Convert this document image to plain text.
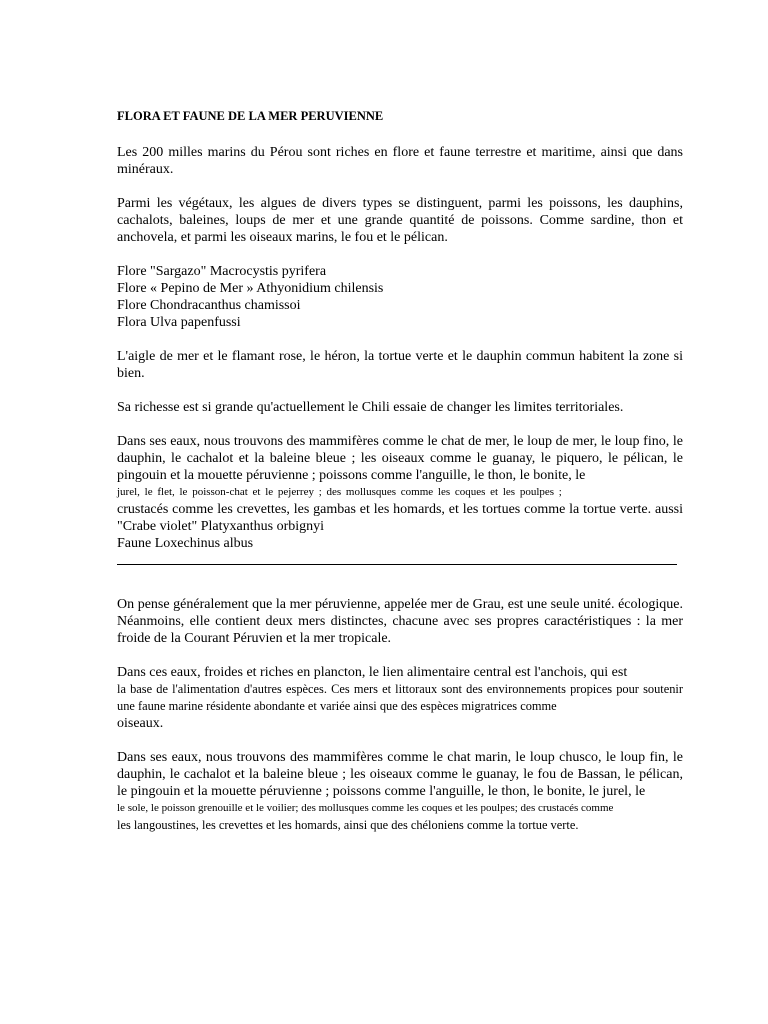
FLORA ET FAUNE DE LA MER PERUVIENNE

Les 200 milles marins du Pérou sont riches en flore et faune terrestre et maritime, ainsi que dans minéraux.

Parmi les végétaux, les algues de divers types se distinguent, parmi les poissons, les dauphins, cachalots, baleines, loups de mer et une grande quantité de poissons. Comme sardine, thon et anchovela, et parmi les oiseaux marins, le fou et le pélican.

Flore "Sargazo" Macrocystis pyrifera
Flore « Pepino de Mer » Athyonidium chilensis
Flore Chondracanthus chamissoi
Flora Ulva papenfussi

L'aigle de mer et le flamant rose, le héron, la tortue verte et le dauphin commun habitent la zone si bien.

Sa richesse est si grande qu'actuellement le Chili essaie de changer les limites territoriales.

Dans ses eaux, nous trouvons des mammifères comme le chat de mer, le loup de mer, le loup fino, le dauphin, le cachalot et la baleine bleue ; les oiseaux comme le guanay, le piquero, le pélican, le pingouin et la mouette péruvienne ; poissons comme l'anguille, le thon, le bonite, le

jurel, le flet, le poisson-chat et le pejerrey ; des mollusques comme les coques et les poulpes ;

crustacés comme les crevettes, les gambas et les homards, et les tortues comme la tortue verte. aussi "Crabe violet" Platyxanthus orbignyi

Faune Loxechinus albus

On pense généralement que la mer péruvienne, appelée mer de Grau, est une seule unité. écologique. Néanmoins, elle contient deux mers distinctes, chacune avec ses propres caractéristiques : la mer froide de la Courant Péruvien et la mer tropicale.

Dans ces eaux, froides et riches en plancton, le lien alimentaire central est l'anchois, qui est

la base de l'alimentation d'autres espèces. Ces mers et littoraux sont des environnements propices pour soutenir une faune marine résidente abondante et variée ainsi que des espèces migratrices comme

oiseaux.

Dans ses eaux, nous trouvons des mammifères comme le chat marin, le loup chusco, le loup fin, le dauphin, le cachalot et la baleine bleue ; les oiseaux comme le guanay, le fou de Bassan, le pélican, le pingouin et la mouette péruvienne ; poissons comme l'anguille, le thon, le bonite, le jurel, le

le sole, le poisson grenouille et le voilier; des mollusques comme les coques et les poulpes; des crustacés comme

les langoustines, les crevettes et les homards, ainsi que des chéloniens comme la tortue verte.
